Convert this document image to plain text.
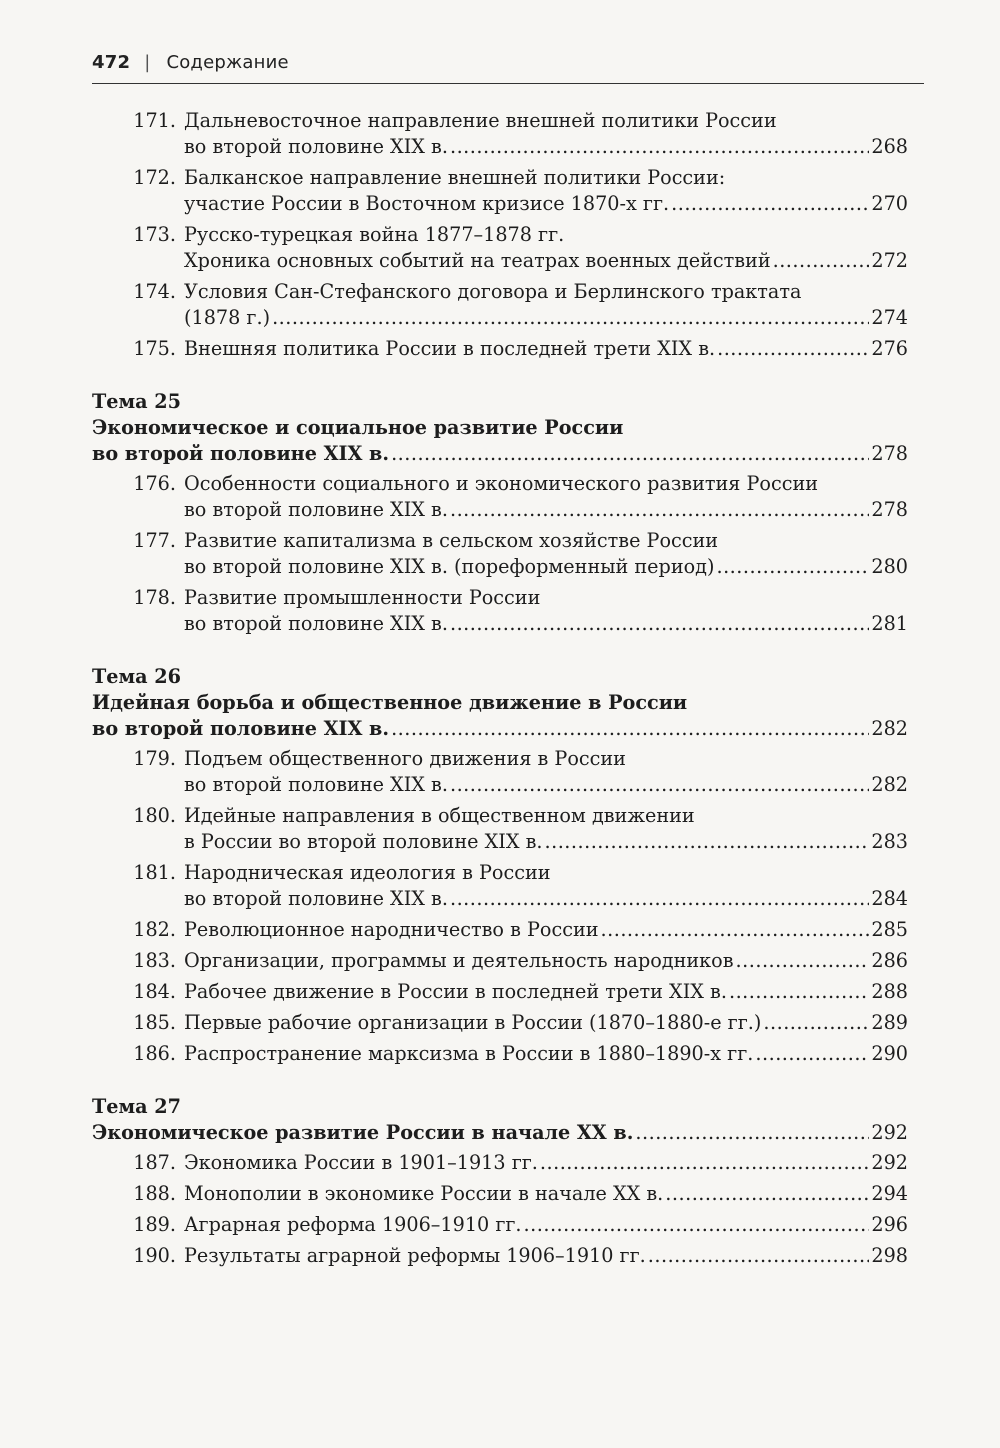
472 | Содержание
171. Дальневосточное направление внешней политики России
во второй половине XIX в. .....	268
172. Балканское направление внешней политики России:
участие России в Восточном кризисе 1870-х гг. .....	270
173. Русско-турецкая война 1877–1878 гг.
Хроника основных событий на театрах военных действий .....	272
174. Условия Сан-Стефанского договора и Берлинского трактата
(1878 г.) .....	274
175. Внешняя политика России в последней трети XIX в. .....	276
Тема 25
Экономическое и социальное развитие России
во второй половине XIX в. .....	278
176. Особенности социального и экономического развития России
во второй половине XIX в. .....	278
177. Развитие капитализма в сельском хозяйстве России
во второй половине XIX в. (пореформенный период) .....	280
178. Развитие промышленности России
во второй половине XIX в. .....	281
Тема 26
Идейная борьба и общественное движение в России
во второй половине XIX в. .....	282
179. Подъем общественного движения в России
во второй половине XIX в. .....	282
180. Идейные направления в общественном движении
в России во второй половине XIX в. .....	283
181. Народническая идеология в России
во второй половине XIX в. .....	284
182. Революционное народничество в России .....	285
183. Организации, программы и деятельность народников .....	286
184. Рабочее движение в России в последней трети XIX в. .....	288
185. Первые рабочие организации в России (1870–1880-е гг.) .....	289
186. Распространение марксизма в России в 1880–1890-х гг. .....	290
Тема 27
Экономическое развитие России в начале XX в. .....	292
187. Экономика России в 1901–1913 гг. .....	292
188. Монополии в экономике России в начале XX в. .....	294
189. Аграрная реформа 1906–1910 гг. .....	296
190. Результаты аграрной реформы 1906–1910 гг. .....	298
